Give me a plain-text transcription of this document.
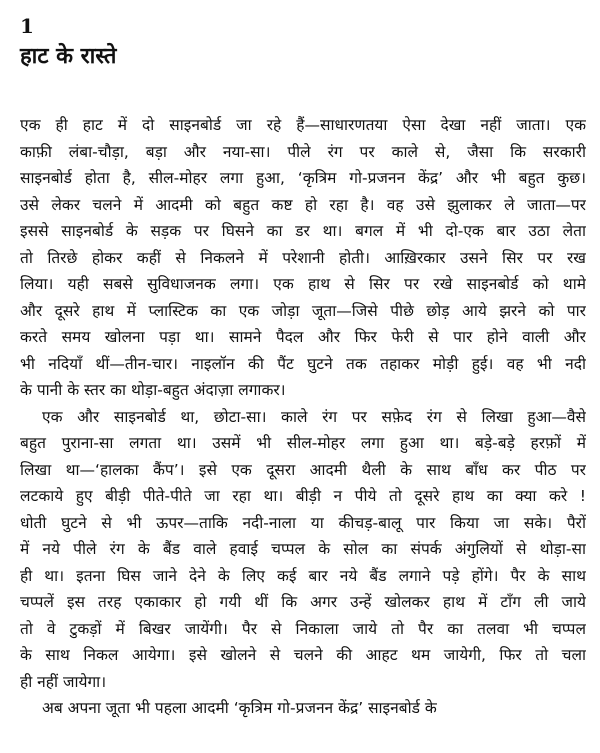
1
हाट के रास्ते

एक ही हाट में दो साइनबोर्ड जा रहे हैं—साधारणतया ऐसा देखा नहीं जाता। एक
काफ़ी लंबा-चौड़ा, बड़ा और नया-सा। पीले रंग पर काले से, जैसा कि सरकारी
साइनबोर्ड होता है, सील-मोहर लगा हुआ, ‘कृत्रिम गो-प्रजनन केंद्र’ और भी बहुत कुछ।
उसे लेकर चलने में आदमी को बहुत कष्ट हो रहा है। वह उसे झुलाकर ले जाता—पर
इससे साइनबोर्ड के सड़क पर घिसने का डर था। बगल में भी दो-एक बार उठा लेता
तो तिरछे होकर कहीं से निकलने में परेशानी होती। आख़िरकार उसने सिर पर रख
लिया। यही सबसे सुविधाजनक लगा। एक हाथ से सिर पर रखे साइनबोर्ड को थामे
और दूसरे हाथ में प्लास्टिक का एक जोड़ा जूता—जिसे पीछे छोड़ आये झरने को पार
करते समय खोलना पड़ा था। सामने पैदल और फिर फेरी से पार होने वाली और
भी नदियाँ थीं—तीन-चार। नाइलॉन की पैंट घुटने तक तहाकर मोड़ी हुई। वह भी नदी
के पानी के स्तर का थोड़ा-बहुत अंदाज़ा लगाकर।

एक और साइनबोर्ड था, छोटा-सा। काले रंग पर सफ़ेद रंग से लिखा हुआ—वैसे
बहुत पुराना-सा लगता था। उसमें भी सील-मोहर लगा हुआ था। बड़े-बड़े हरफ़ों में
लिखा था—‘हालका कैंप’। इसे एक दूसरा आदमी थैली के साथ बाँध कर पीठ पर
लटकाये हुए बीड़ी पीते-पीते जा रहा था। बीड़ी न पीये तो दूसरे हाथ का क्या करे !
धोती घुटने से भी ऊपर—ताकि नदी-नाला या कीचड़-बालू पार किया जा सके। पैरों
में नये पीले रंग के बैंड वाले हवाई चप्पल के सोल का संपर्क अंगुलियों से थोड़ा-सा
ही था। इतना घिस जाने देने के लिए कई बार नये बैंड लगाने पड़े होंगे। पैर के साथ
चप्पलें इस तरह एकाकार हो गयी थीं कि अगर उन्हें खोलकर हाथ में टाँग ली जाये
तो वे टुकड़ों में बिखर जायेंगी। पैर से निकाला जाये तो पैर का तलवा भी चप्पल
के साथ निकल आयेगा। इसे खोलने से चलने की आहट थम जायेगी, फिर तो चला
ही नहीं जायेगा।

अब अपना जूता भी पहला आदमी ‘कृत्रिम गो-प्रजनन केंद्र’ साइनबोर्ड के
